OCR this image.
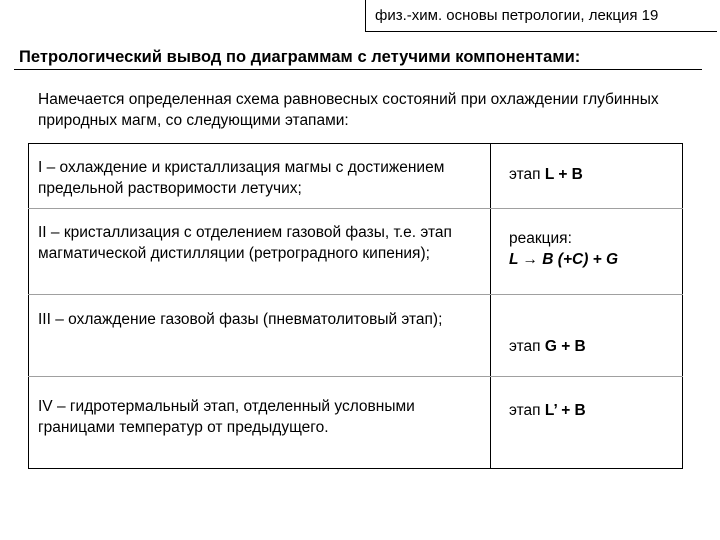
физ.-хим. основы петрологии, лекция 19
Петрологический вывод по диаграммам с летучими компонентами:
Намечается определенная схема равновесных состояний при охлаждении глубинных природных магм, со следующими этапами:
I – охлаждение и кристаллизация магмы с достижением предельной растворимости летучих;
этап L + B
II – кристаллизация с отделением газовой фазы, т.е. этап магматической дистилляции (ретроградного кипения);
реакция:
L → B (+C) + G
III – охлаждение газовой фазы (пневматолитовый этап);
этап G + B
IV – гидротермальный этап, отделенный условными границами температур от предыдущего.
этап L’ + B
